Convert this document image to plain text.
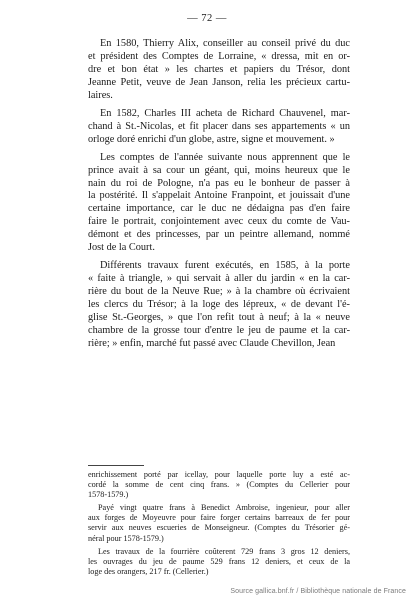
— 72 —
En 1580, Thierry Alix, conseiller au conseil privé du duc
et président des Comptes de Lorraine, « dressa, mit en or-
dre et bon état » les chartes et papiers du Trésor, dont
Jeanne Petit, veuve de Jean Janson, relia les précieux cartu-
laires.
En 1582, Charles III acheta de Richard Chauvenel, mar-
chand à St.-Nicolas, et fit placer dans ses appartements « un
orloge doré enrichi d'un globe, astre, signe et mouvement. »
Les comptes de l'année suivante nous apprennent que le
prince avait à sa cour un géant, qui, moins heureux que le
nain du roi de Pologne, n'a pas eu le bonheur de passer à
la postérité. Il s'appelait Antoine Franpoint, et jouissait d'une
certaine importance, car le duc ne dédaigna pas d'en faire
faire le portrait, conjointement avec ceux du comte de Vau-
démont et des princesses, par un peintre allemand, nommé
Jost de la Court.
Différents travaux furent exécutés, en 1585, à la porte
« faite à triangle, » qui servait à aller du jardin « en la car-
rière du bout de la Neuve Rue; » à la chambre où écrivaient
les clercs du Trésor; à la loge des lépreux, « de devant l'é-
glise St.-Georges, » que l'on refit tout à neuf; à la « neuve
chambre de la grosse tour d'entre le jeu de paume et la car-
rière; » enfin, marché fut passé avec Claude Chevillon, Jean
enrichissement porté par icellay, pour laquelle porte luy a esté ac-
cordé la somme de cent cinq frans. » (Comptes du Cellerier pour
1578-1579.)
Payé vingt quatre frans à Benedict Ambroise, ingenieur, pour aller
aux forges de Moyeuvre pour faire forger certains barreaux de fer pour
servir aux neuves escueries de Monseigneur. (Comptes du Trésorier gé-
néral pour 1578-1579.)
Les travaux de la fourrière coûterent 729 frans 3 gros 12 deniers,
les ouvrages du jeu de paume 529 frans 12 deniers, et ceux de la
loge des orangers, 217 fr. (Cellerier.)
Source gallica.bnf.fr / Bibliothèque nationale de France
